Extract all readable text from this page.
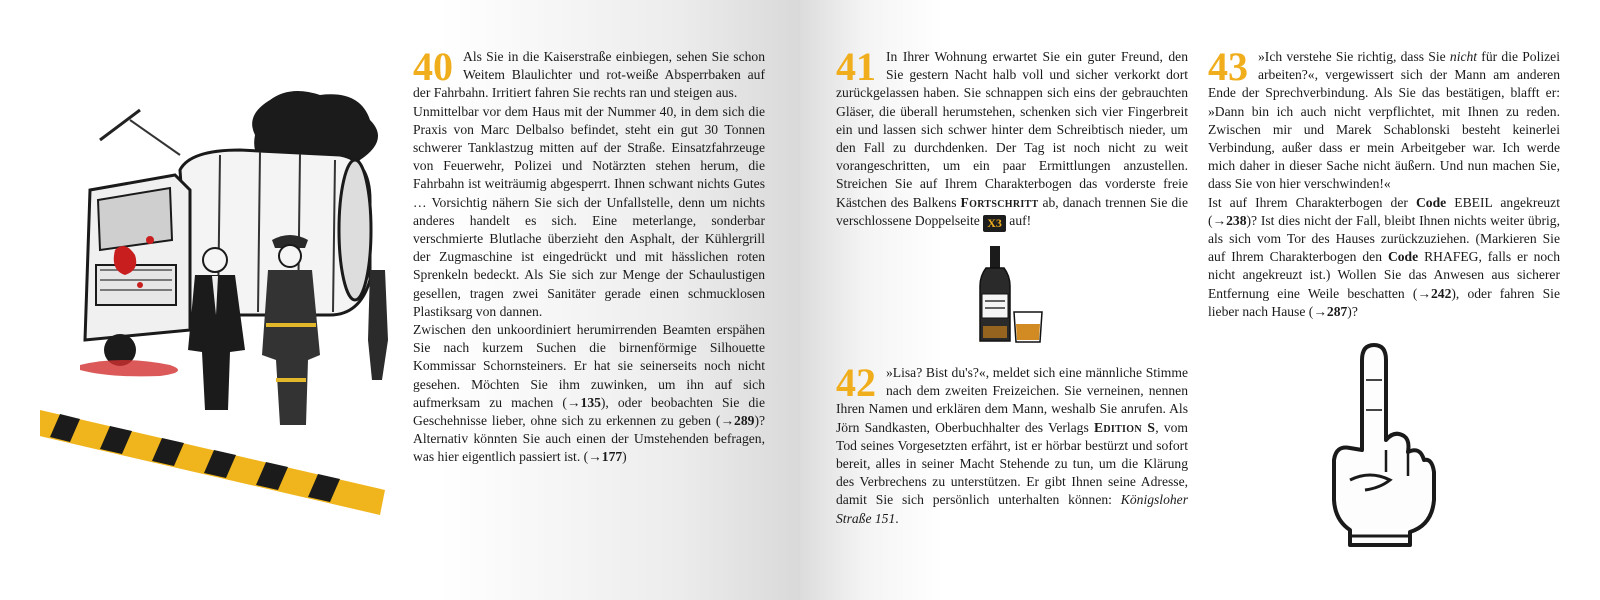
40 Als Sie in die Kaiserstraße einbiegen, sehen Sie schon Weitem Blaulichter und rot-weiße Absperrbaken auf der Fahrbahn. Irritiert fahren Sie rechts ran und steigen aus.

Unmittelbar vor dem Haus mit der Nummer 40, in dem sich die Praxis von Marc Delbalso befindet, steht ein gut 30 Tonnen schwerer Tanklastzug mitten auf der Straße. Einsatzfahrzeuge von Feuerwehr, Polizei und Notärzten stehen herum, die Fahrbahn ist weiträumig abgesperrt. Ihnen schwant nichts Gutes … Vorsichtig nähern Sie sich der Unfallstelle, denn um nichts anderes handelt es sich. Eine meterlange, sonderbar verschmierte Blutlache überzieht den Asphalt, der Kühlergrill der Zugmaschine ist eingedrückt und mit hässlichen roten Sprenkeln bedeckt. Als Sie sich zur Menge der Schaulustigen gesellen, tragen zwei Sanitäter gerade einen schmucklosen Plastiksarg von dannen.

Zwischen den unkoordiniert herumirrenden Beamten erspähen Sie nach kurzem Suchen die birnenförmige Silhouette Kommissar Schornsteiners. Er hat sie seinerseits noch nicht gesehen. Möchten Sie ihm zuwinken, um ihn auf sich aufmerksam zu machen (→135), oder beobachten Sie die Geschehnisse lieber, ohne sich zu erkennen zu geben (→289)? Alternativ könnten Sie auch einen der Umstehenden befragen, was hier eigentlich passiert ist. (→177)

41 In Ihrer Wohnung erwartet Sie ein guter Freund, den Sie gestern Nacht halb voll und sicher verkorkt dort zurückgelassen haben. Sie schnappen sich eins der gebrauchten Gläser, die überall herumstehen, schenken sich vier Fingerbreit ein und lassen sich schwer hinter dem Schreibtisch nieder, um den Fall zu durchdenken. Der Tag ist noch nicht zu weit vorangeschritten, um ein paar Ermittlungen anzustellen. Streichen Sie auf Ihrem Charakterbogen das vorderste freie Kästchen des Balkens Fortschritt ab, danach trennen Sie die verschlossene Doppelseite X3 auf!

42 »Lisa? Bist du's?«, meldet sich eine männliche Stimme nach dem zweiten Freizeichen. Sie verneinen, nennen Ihren Namen und erklären dem Mann, weshalb Sie anrufen. Als Jörn Sandkasten, Oberbuchhalter des Verlags Edition S, vom Tod seines Vorgesetzten erfährt, ist er hörbar bestürzt und sofort bereit, alles in seiner Macht Stehende zu tun, um die Klärung des Verbrechens zu unterstützen. Er gibt Ihnen seine Adresse, damit Sie sich persönlich unterhalten können: Königsloher Straße 151.

43 »Ich verstehe Sie richtig, dass Sie nicht für die Polizei arbeiten?«, vergewissert sich der Mann am anderen Ende der Sprechverbindung. Als Sie das bestätigen, blafft er: »Dann bin ich auch nicht verpflichtet, mit Ihnen zu reden. Zwischen mir und Marek Schablonski besteht keinerlei Verbindung, außer dass er mein Arbeitgeber war. Ich werde mich daher in dieser Sache nicht äußern. Und nun machen Sie, dass Sie von hier verschwinden!«

Ist auf Ihrem Charakterbogen der Code EBEIL angekreuzt (→238)? Ist dies nicht der Fall, bleibt Ihnen nichts weiter übrig, als sich vom Tor des Hauses zurückzuziehen. (Markieren Sie auf Ihrem Charakterbogen den Code RHAFEG, falls er noch nicht angekreuzt ist.) Wollen Sie das Anwesen aus sicherer Entfernung eine Weile beschatten (→242), oder fahren Sie lieber nach Hause (→287)?
